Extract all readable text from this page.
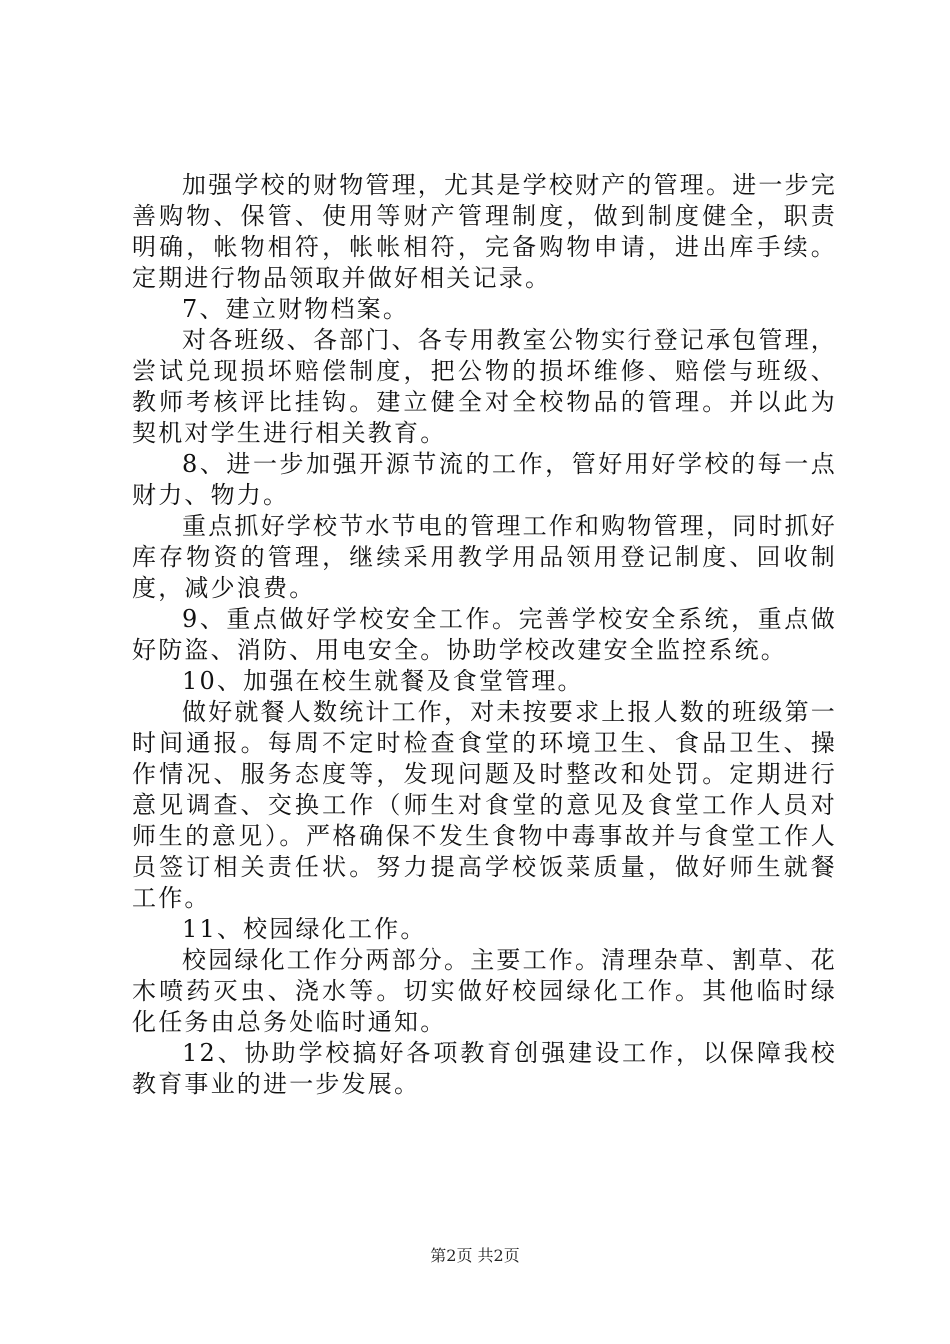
加强学校的财物管理，尤其是学校财产的管理。进一步完善购物、保管、使用等财产管理制度，做到制度健全，职责明确，帐物相符，帐帐相符，完备购物申请，进出库手续。定期进行物品领取并做好相关记录。

7、建立财物档案。

对各班级、各部门、各专用教室公物实行登记承包管理，尝试兑现损坏赔偿制度，把公物的损坏维修、赔偿与班级、教师考核评比挂钩。建立健全对全校物品的管理。并以此为契机对学生进行相关教育。

8、进一步加强开源节流的工作，管好用好学校的每一点财力、物力。

重点抓好学校节水节电的管理工作和购物管理，同时抓好库存物资的管理，继续采用教学用品领用登记制度、回收制度，减少浪费。

9、重点做好学校安全工作。完善学校安全系统，重点做好防盗、消防、用电安全。协助学校改建安全监控系统。

10、加强在校生就餐及食堂管理。

做好就餐人数统计工作，对未按要求上报人数的班级第一时间通报。每周不定时检查食堂的环境卫生、食品卫生、操作情况、服务态度等，发现问题及时整改和处罚。定期进行意见调查、交换工作（师生对食堂的意见及食堂工作人员对师生的意见）。严格确保不发生食物中毒事故并与食堂工作人员签订相关责任状。努力提高学校饭菜质量，做好师生就餐工作。

11、校园绿化工作。

校园绿化工作分两部分。主要工作。清理杂草、割草、花木喷药灭虫、浇水等。切实做好校园绿化工作。其他临时绿化任务由总务处临时通知。

12、协助学校搞好各项教育创强建设工作，以保障我校教育事业的进一步发展。

第2页 共2页
